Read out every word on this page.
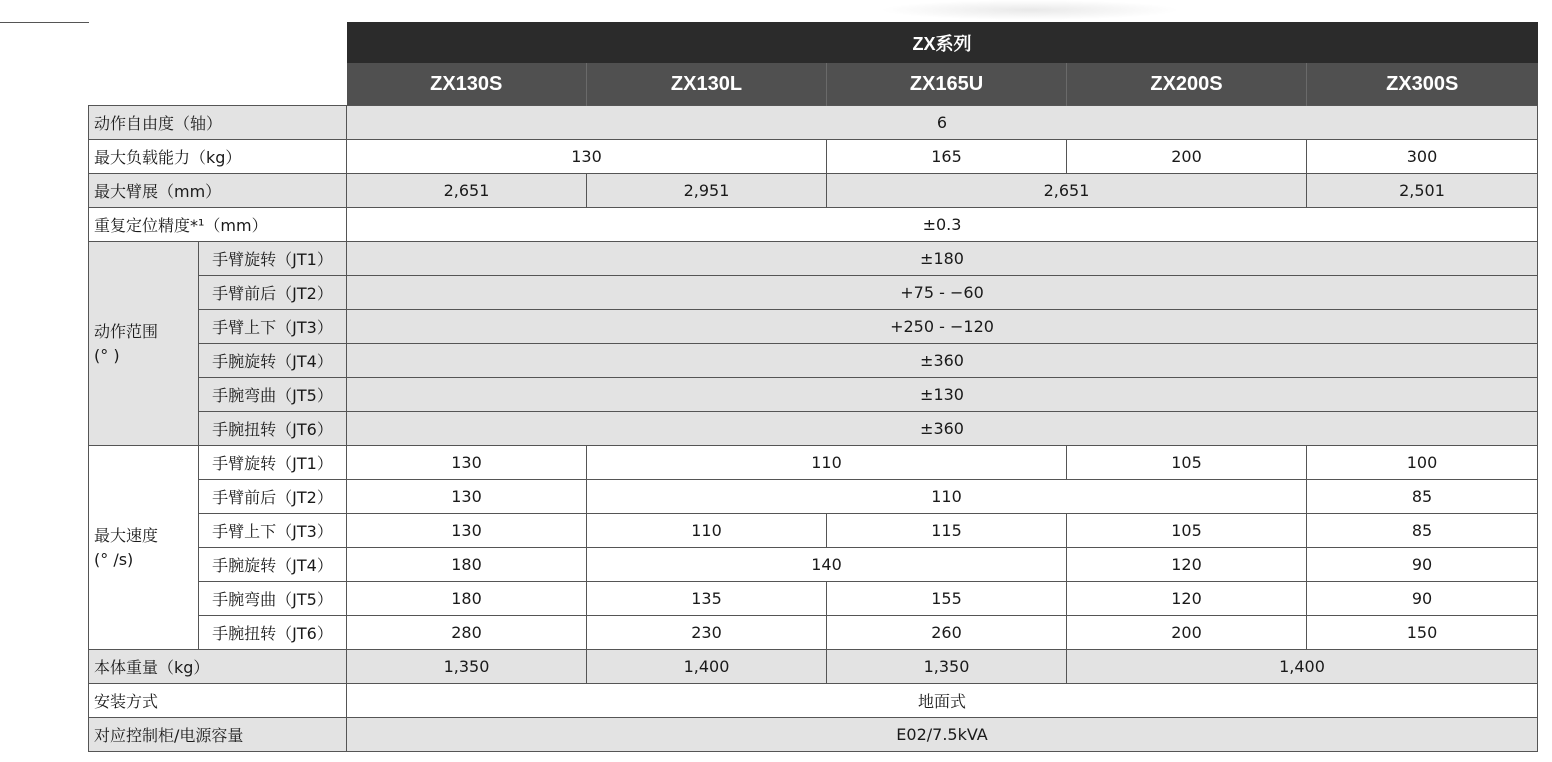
		ZX系列				
		ZX130S	ZX130L	ZX165U	ZX200S	ZX300S
动作自由度（轴）		6				
最大负载能力（kg）		130		165	200	300
最大臂展（mm）		2,651	2,951	2,651		2,501
重复定位精度*¹（mm）		±0.3				
动作范围
(° )	手臂旋转（JT1）	±180				
	手臂前后（JT2）	+75 - −60				
	手臂上下（JT3）	+250 - −120				
	手腕旋转（JT4）	±360				
	手腕弯曲（JT5）	±130				
	手腕扭转（JT6）	±360				
最大速度
(° /s)	手臂旋转（JT1）	130	110		105	100
	手臂前后（JT2）	130	110			85
	手臂上下（JT3）	130	110	115	105	85
	手腕旋转（JT4）	180	140		120	90
	手腕弯曲（JT5）	180	135	155	120	90
	手腕扭转（JT6）	280	230	260	200	150
本体重量（kg）		1,350	1,400	1,350	1,400	
安装方式		地面式				
对应控制柜/电源容量		E02/7.5kVA				
